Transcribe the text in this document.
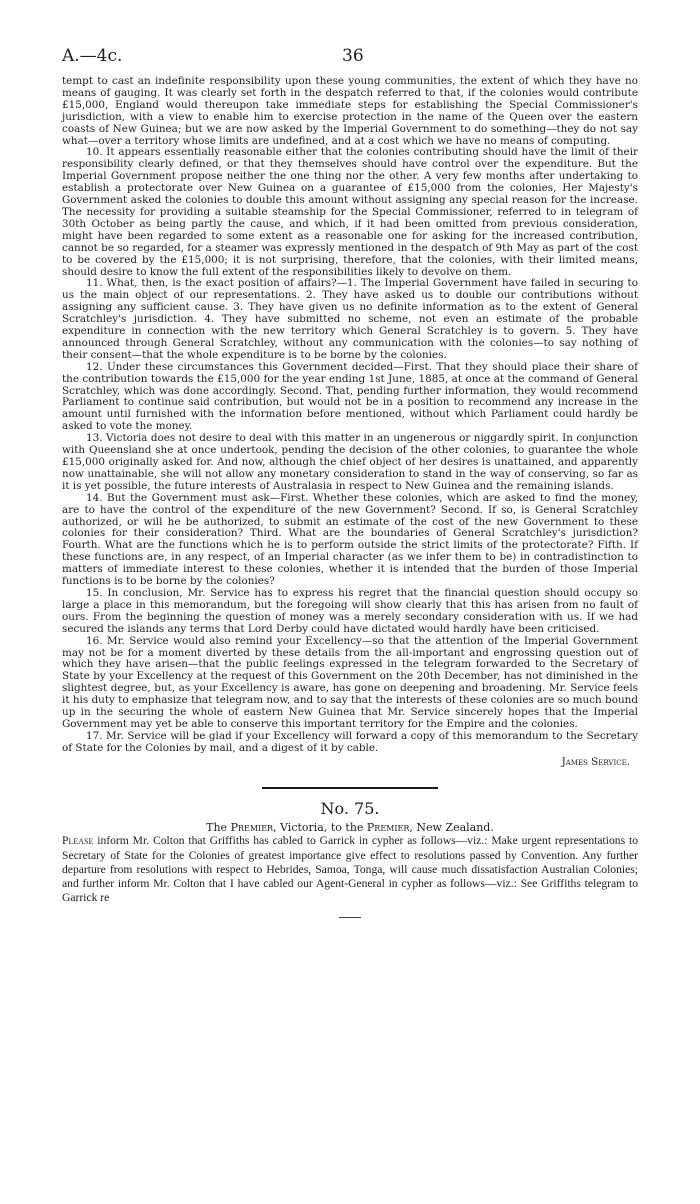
A.—4c.	36

tempt to cast an indefinite responsibility upon these young communities, the extent of which they have no means of gauging. It was clearly set forth in the despatch referred to that, if the colonies would contribute £15,000, England would thereupon take immediate steps for establishing the Special Commissioner's jurisdiction, with a view to enable him to exercise protection in the name of the Queen over the eastern coasts of New Guinea; but we are now asked by the Imperial Government to do something—they do not say what—over a territory whose limits are undefined, and at a cost which we have no means of computing.

10. It appears essentially reasonable either that the colonies contributing should have the limit of their responsibility clearly defined, or that they themselves should have control over the expenditure. But the Imperial Government propose neither the one thing nor the other. A very few months after undertaking to establish a protectorate over New Guinea on a guarantee of £15,000 from the colonies, Her Majesty's Government asked the colonies to double this amount without assigning any special reason for the increase. The necessity for providing a suitable steamship for the Special Commissioner, referred to in telegram of 30th October as being partly the cause, and which, if it had been omitted from previous consideration, might have been regarded to some extent as a reasonable one for asking for the increased contribution, cannot be so regarded, for a steamer was expressly mentioned in the despatch of 9th May as part of the cost to be covered by the £15,000; it is not surprising, therefore, that the colonies, with their limited means, should desire to know the full extent of the responsibilities likely to devolve on them.

11. What, then, is the exact position of affairs?—1. The Imperial Government have failed in securing to us the main object of our representations. 2. They have asked us to double our contributions without assigning any sufficient cause. 3. They have given us no definite information as to the extent of General Scratchley's jurisdiction. 4. They have submitted no scheme, not even an estimate of the probable expenditure in connection with the new territory which General Scratchley is to govern. 5. They have announced through General Scratchley, without any communication with the colonies—to say nothing of their consent—that the whole expenditure is to be borne by the colonies.

12. Under these circumstances this Government decided—First. That they should place their share of the contribution towards the £15,000 for the year ending 1st June, 1885, at once at the command of General Scratchley, which was done accordingly. Second. That, pending further information, they would recommend Parliament to continue said contribution, but would not be in a position to recommend any increase in the amount until furnished with the information before mentioned, without which Parliament could hardly be asked to vote the money.

13. Victoria does not desire to deal with this matter in an ungenerous or niggardly spirit. In conjunction with Queensland she at once undertook, pending the decision of the other colonies, to guarantee the whole £15,000 originally asked for. And now, although the chief object of her desires is unattained, and apparently now unattainable, she will not allow any monetary consideration to stand in the way of conserving, so far as it is yet possible, the future interests of Australasia in respect to New Guinea and the remaining islands.

14. But the Government must ask—First. Whether these colonies, which are asked to find the money, are to have the control of the expenditure of the new Government? Second. If so, is General Scratchley authorized, or will he be authorized, to submit an estimate of the cost of the new Government to these colonies for their consideration? Third. What are the boundaries of General Scratchley's jurisdiction? Fourth. What are the functions which he is to perform outside the strict limits of the protectorate? Fifth. If these functions are, in any respect, of an Imperial character (as we infer them to be) in contradistinction to matters of immediate interest to these colonies, whether it is intended that the burden of those Imperial functions is to be borne by the colonies?

15. In conclusion, Mr. Service has to express his regret that the financial question should occupy so large a place in this memorandum, but the foregoing will show clearly that this has arisen from no fault of ours. From the beginning the question of money was a merely secondary consideration with us. If we had secured the islands any terms that Lord Derby could have dictated would hardly have been criticised.

16. Mr. Service would also remind your Excellency—so that the attention of the Imperial Government may not be for a moment diverted by these details from the all-important and engrossing question out of which they have arisen—that the public feelings expressed in the telegram forwarded to the Secretary of State by your Excellency at the request of this Government on the 20th December, has not diminished in the slightest degree, but, as your Excellency is aware, has gone on deepening and broadening. Mr. Service feels it his duty to emphasize that telegram now, and to say that the interests of these colonies are so much bound up in the securing the whole of eastern New Guinea that Mr. Service sincerely hopes that the Imperial Government may yet be able to conserve this important territory for the Empire and the colonies.

17. Mr. Service will be glad if your Excellency will forward a copy of this memorandum to the Secretary of State for the Colonies by mail, and a digest of it by cable.

James Service.
No. 75.
The Premier, Victoria, to the Premier, New Zealand.

Please inform Mr. Colton that Griffiths has cabled to Garrick in cypher as follows—viz.: Make urgent representations to Secretary of State for the Colonies of greatest importance give effect to resolutions passed by Convention. Any further departure from resolutions with respect to Hebrides, Samoa, Tonga, will cause much dissatisfaction Australian Colonies; and further inform Mr. Colton that I have cabled our Agent-General in cypher as follows—viz.: See Griffiths telegram to Garrick re
